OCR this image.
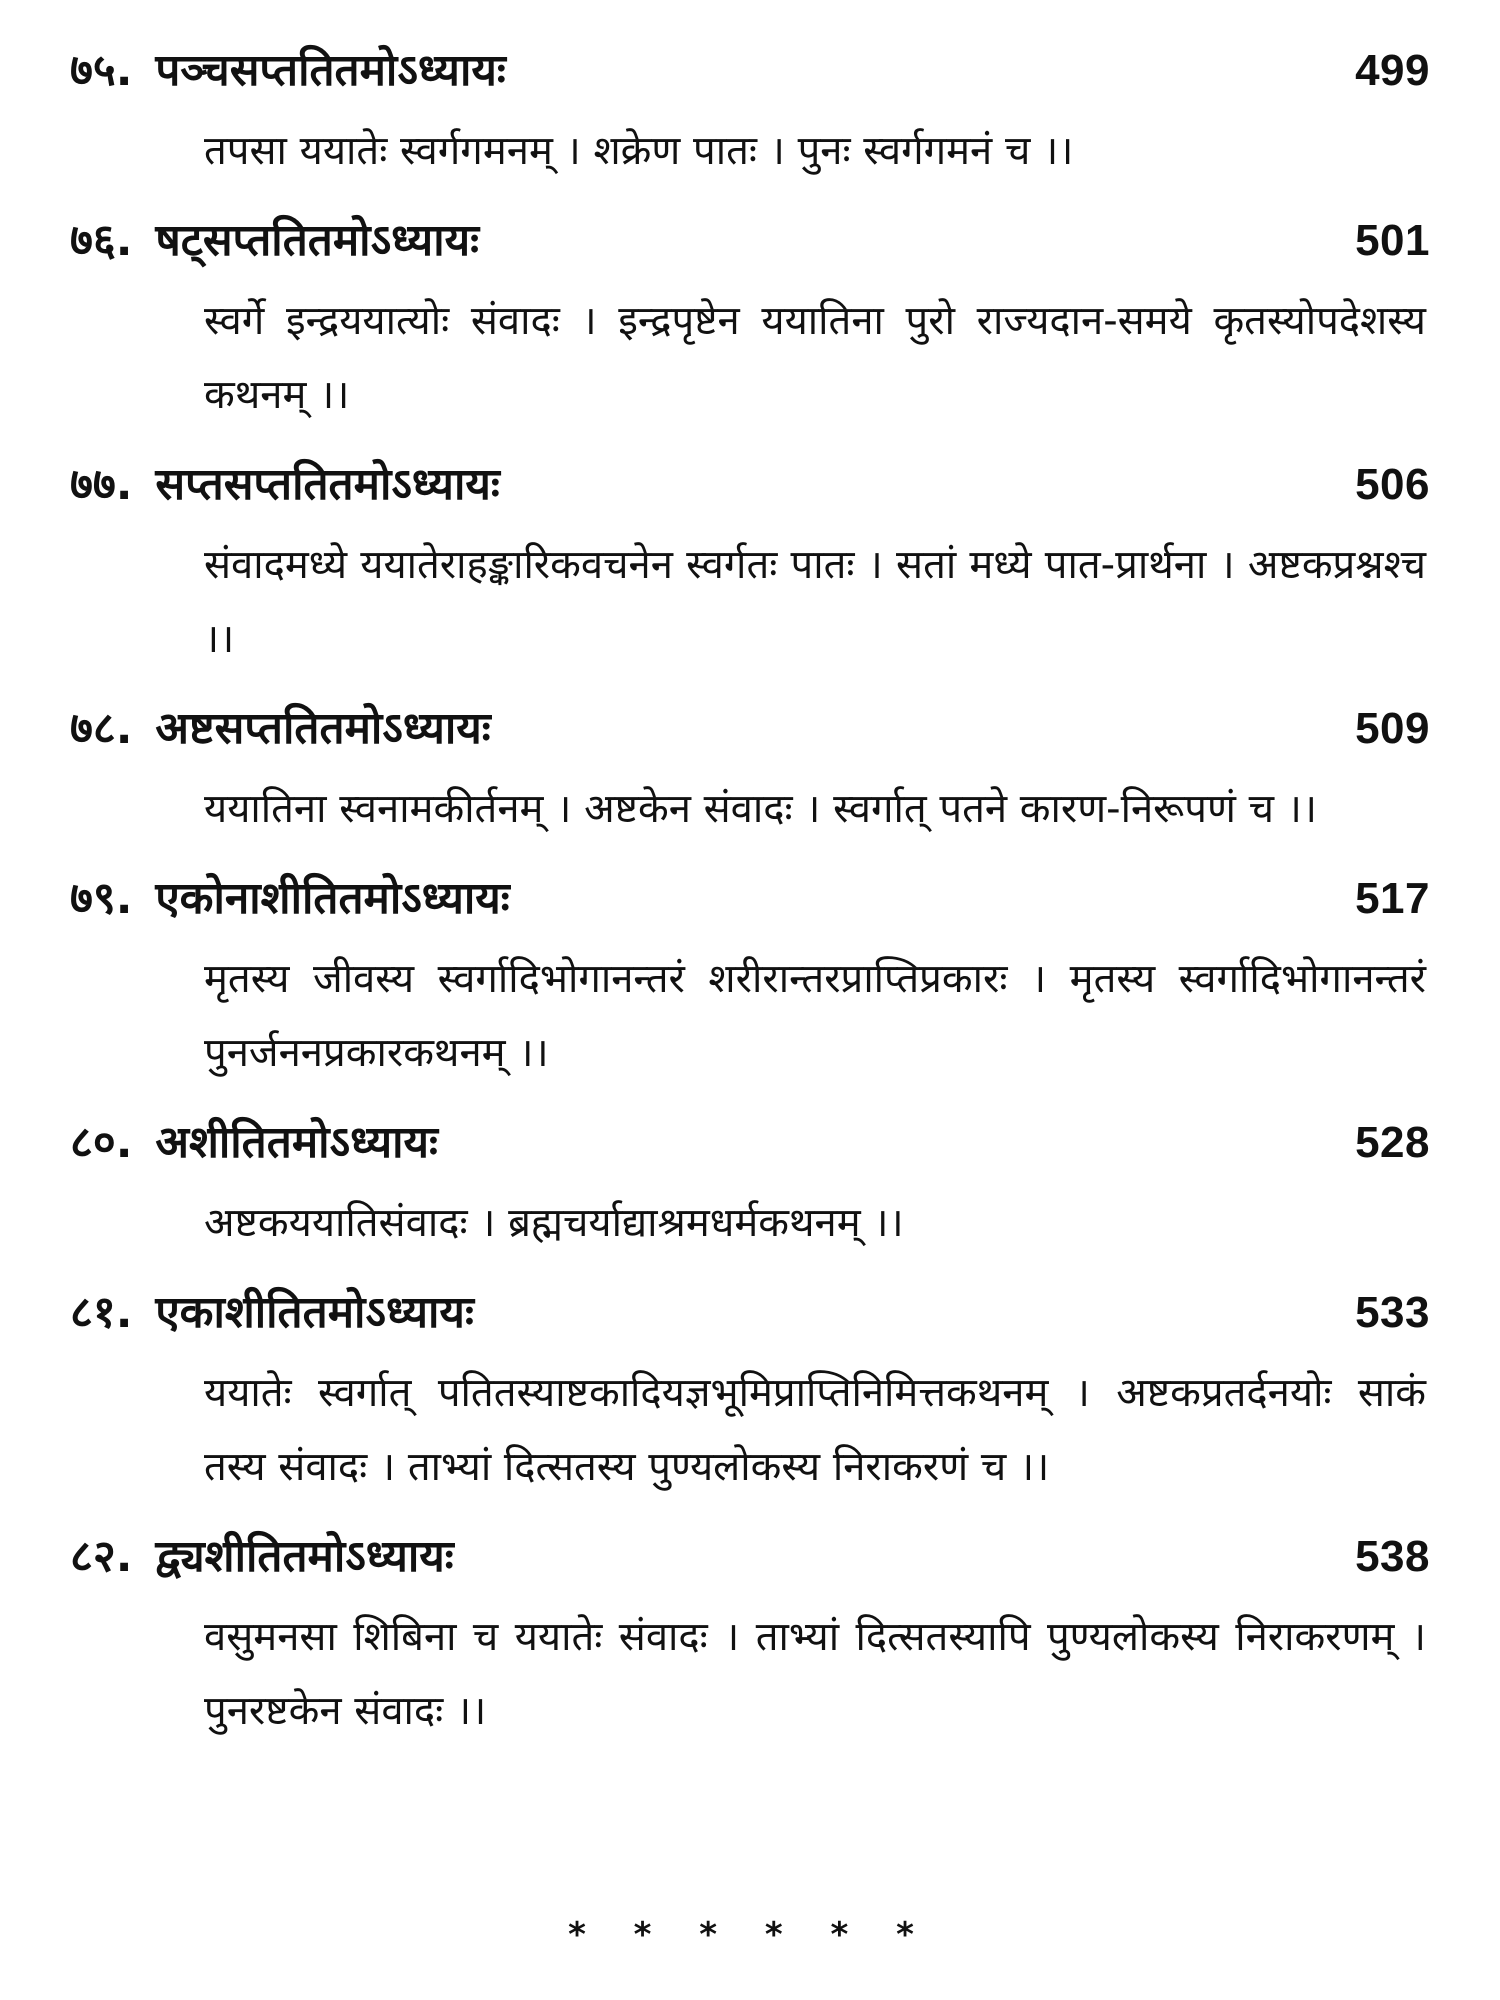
७५. पञ्चसप्ततितमोऽध्यायः	499
तपसा ययातेः स्वर्गगमनम् । शक्रेण पातः । पुनः स्वर्गगमनं च ।।
७६. षट्सप्ततितमोऽध्यायः	501
स्वर्गे इन्द्रययात्योः संवादः । इन्द्रपृष्टेन ययातिना पुरो राज्यदान-समये कृतस्योपदेशस्य कथनम् ।।
७७. सप्तसप्ततितमोऽध्यायः	506
संवादमध्ये ययातेराहङ्कारिकवचनेन स्वर्गतः पातः । सतां मध्ये पात-प्रार्थना । अष्टकप्रश्नश्च ।।
७८. अष्टसप्ततितमोऽध्यायः	509
ययातिना स्वनामकीर्तनम् । अष्टकेन संवादः । स्वर्गात् पतने कारण-निरूपणं च ।।
७९. एकोनाशीतितमोऽध्यायः	517
मृतस्य जीवस्य स्वर्गादिभोगानन्तरं शरीरान्तरप्राप्तिप्रकारः । मृतस्य स्वर्गादिभोगानन्तरं पुनर्जननप्रकारकथनम् ।।
८०. अशीतितमोऽध्यायः	528
अष्टकययातिसंवादः । ब्रह्मचर्याद्याश्रमधर्मकथनम् ।।
८१. एकाशीतितमोऽध्यायः	533
ययातेः स्वर्गात् पतितस्याष्टकादियज्ञभूमिप्राप्तिनिमित्तकथनम् । अष्टकप्रतर्दनयोः साकं तस्य संवादः । ताभ्यां दित्सतस्य पुण्यलोकस्य निराकरणं च ।।
८२. द्व्यशीतितमोऽध्यायः	538
वसुमनसा शिबिना च ययातेः संवादः । ताभ्यां दित्सतस्यापि पुण्यलोकस्य निराकरणम् । पुनरष्टकेन संवादः ।।
* * * * * *
